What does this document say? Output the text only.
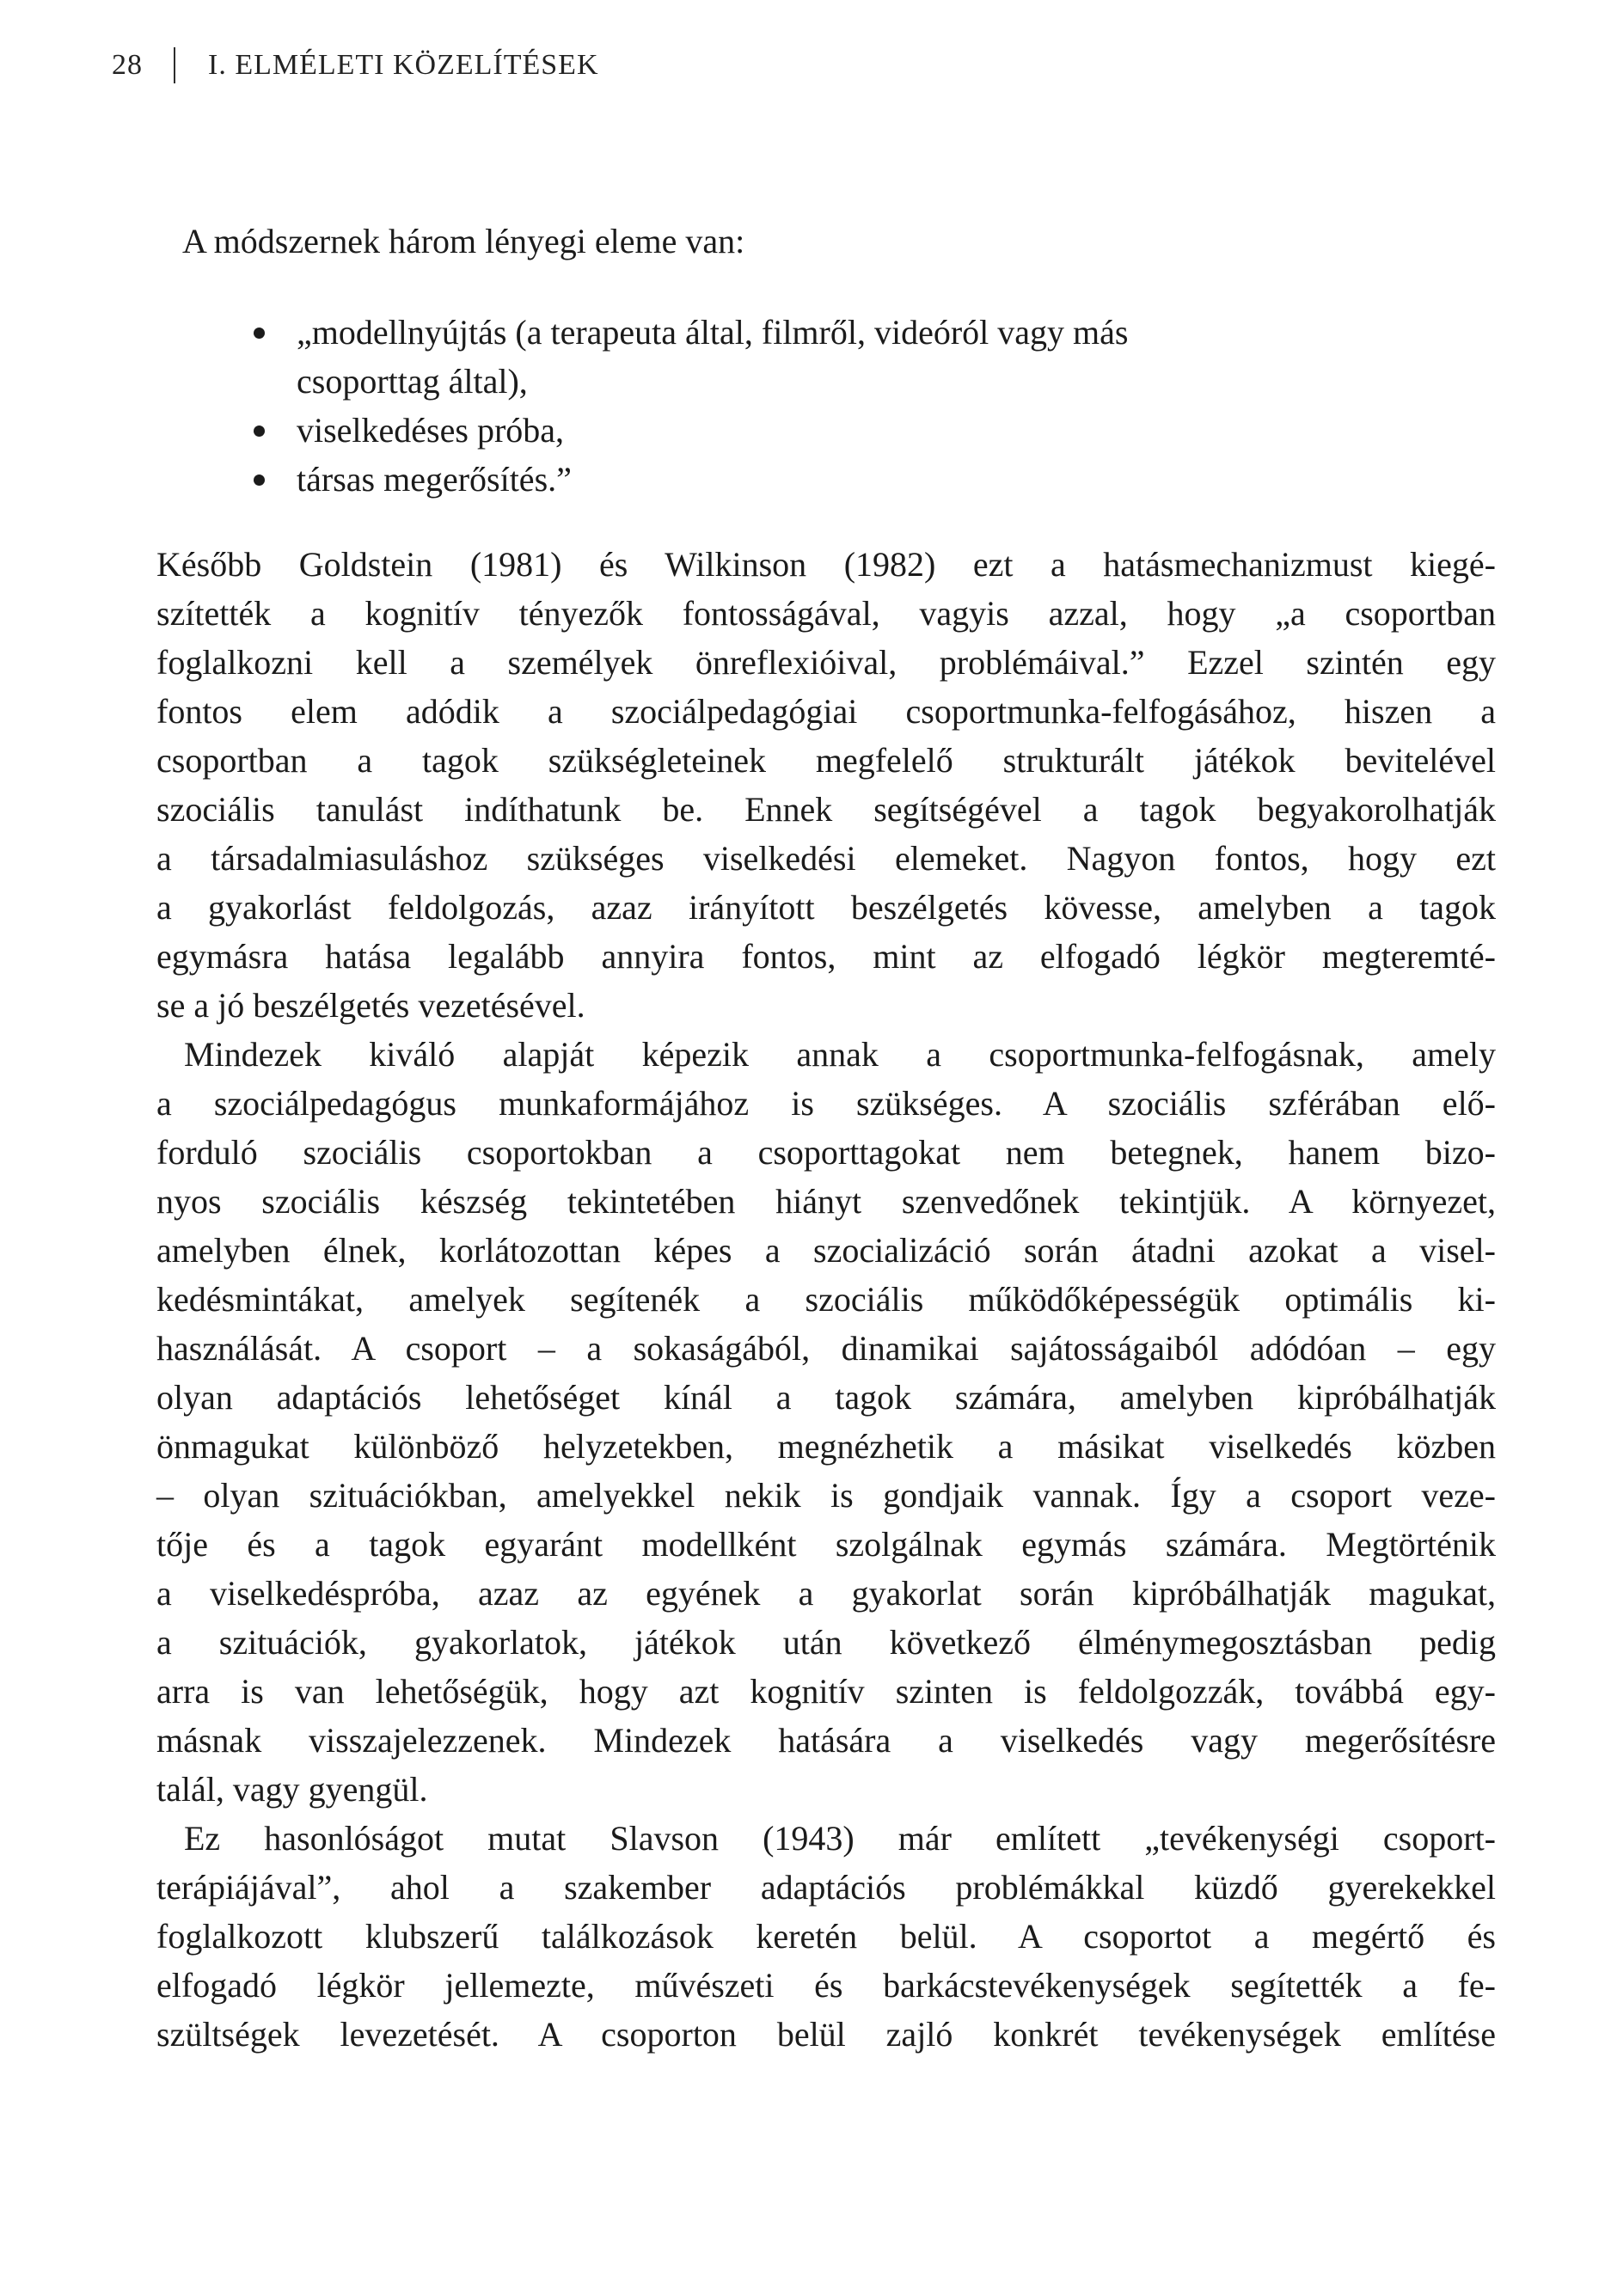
28 I. ELMÉLETI KÖZELÍTÉSEK

A módszernek három lényegi eleme van:

„modellnyújtás (a terapeuta által, filmről, videóról vagy más
csoporttag által),
viselkedéses próba,
társas megerősítés.”
Később Goldstein (1981) és Wilkinson (1982) ezt a hatásmechanizmust kiegé-
szítették a kognitív tényezők fontosságával, vagyis azzal, hogy „a csoportban
foglalkozni kell a személyek önreflexióival, problémáival.” Ezzel szintén egy
fontos elem adódik a szociálpedagógiai csoportmunka-felfogásához, hiszen a
csoportban a tagok szükségleteinek megfelelő strukturált játékok bevitelével
szociális tanulást indíthatunk be. Ennek segítségével a tagok begyakorolhatják
a társadalmiasuláshoz szükséges viselkedési elemeket. Nagyon fontos, hogy ezt
a gyakorlást feldolgozás, azaz irányított beszélgetés kövesse, amelyben a tagok
egymásra hatása legalább annyira fontos, mint az elfogadó légkör megteremté-
se a jó beszélgetés vezetésével.
Mindezek kiváló alapját képezik annak a csoportmunka-felfogásnak, amely
a szociálpedagógus munkaformájához is szükséges. A szociális szférában elő-
forduló szociális csoportokban a csoporttagokat nem betegnek, hanem bizo-
nyos szociális készség tekintetében hiányt szenvedőnek tekintjük. A környezet,
amelyben élnek, korlátozottan képes a szocializáció során átadni azokat a visel-
kedésmintákat, amelyek segítenék a szociális működőképességük optimális ki-
használását. A csoport – a sokaságából, dinamikai sajátosságaiból adódóan – egy
olyan adaptációs lehetőséget kínál a tagok számára, amelyben kipróbálhatják
önmagukat különböző helyzetekben, megnézhetik a másikat viselkedés közben
– olyan szituációkban, amelyekkel nekik is gondjaik vannak. Így a csoport veze-
tője és a tagok egyaránt modellként szolgálnak egymás számára. Megtörténik
a viselkedéspróba, azaz az egyének a gyakorlat során kipróbálhatják magukat,
a szituációk, gyakorlatok, játékok után következő élménymegosztásban pedig
arra is van lehetőségük, hogy azt kognitív szinten is feldolgozzák, továbbá egy-
másnak visszajelezzenek. Mindezek hatására a viselkedés vagy megerősítésre
talál, vagy gyengül.
Ez hasonlóságot mutat Slavson (1943) már említett „tevékenységi csoport-
terápiájával”, ahol a szakember adaptációs problémákkal küzdő gyerekekkel
foglalkozott klubszerű találkozások keretén belül. A csoportot a megértő és
elfogadó légkör jellemezte, művészeti és barkácstevékenységek segítették a fe-
szültségek levezetését. A csoporton belül zajló konkrét tevékenységek említése
